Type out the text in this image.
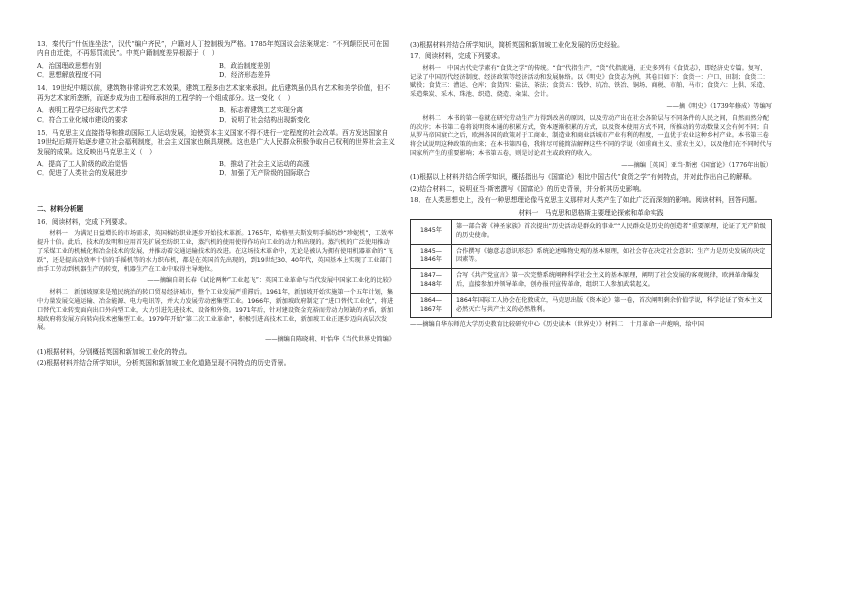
13．秦代行“什伍连坐法”，汉代“编户齐民”，户籍对人丁控制极为严格。1785年英国议会法案规定：“不列颠臣民可在国内自由迁徙，不再惩罚流民”。中英户籍制度差异根源于（　）

A．治国理政思想有别	B．政治制度差别
C．思想解放程度不同	D．经济形态差异

14．19世纪中期以前，建筑物非常讲究艺术效果，建筑工程多由艺术家来承担。此后建筑虽仍具有艺术和美学价值，但不再为艺术家所垄断，而逐步成为由工程师承担的工程学的一个组成部分。这一变化（　）

A．表明工程学已经取代艺术学	B．标志着建筑工艺实现分离
C．符合工业化城市建设的要求	D．说明了社会结构出现新变化

15．马克思主义直接指导和推动国际工人运动发展，迫使资本主义国家不得不进行一定程度的社会改革。西方发达国家自19世纪后期开始逐步建立社会福利制度，社会主义国家也颇具规模。这也是广大人民群众积极争取自己权利的世界社会主义发展的成果。这反映出马克思主义（　）

A．提高了工人阶级的政治觉悟	B．推动了社会主义运动的高涨
C．促进了人类社会的发展进步	D．加强了无产阶级的国际联合
二、材料分析题

16．阅读材料，完成下列要求。

材料一　为满足日益增长的市场需求，英国棉纺织业逐步开始技术革新。1765年，哈格里夫斯发明手摇纺纱“珍妮机”，工效率提升十倍。此后，技术的发明和应用首先扩展至纺织工业，蒸汽机的使用使得作坊向工业的动力和出现的。蒸汽机的广泛使用推动了采煤工业的机械化和冶金技术的发展，并推动着交通运输技术的改进。在这场技术革命中，无论是被认为拥有使用机器革命的“飞跃”，还是提高动效率十倍的手摇机等的水力织布机，都是在英国首先出现的，到19世纪30、40年代，英国基本上实现了工业部门由手工劳动到机器生产的转变，机器生产在工业中取得主导地位。

——摘编自胡长春《试论两种“工业起飞”：英国工业革命与当代发展中国家工业化的比较》

材料二　新加坡原来是殖民统治的转口贸易经济城市，整个工业发展严重滞后。1961年，新加坡开始实施第一个五年计划，集中力量发展交通运输、冶金能源、电力电讯等，并大力发展劳动密集型工业。1966年，新加坡政府制定了“进口替代工业化”，将进口替代工业转变面向出口外向型工业，大力引进先进技术、设备和外资。1971年后，针对建设资金充裕而劳动力短缺的矛盾，新加坡政府将发展方向转向技术密集型工业。1979年开始“第二次工业革命”，积极引进高技术工业，新加坡工业正逐步迈向高层次发展。

——摘编自陈晓莉、叶怡华《当代世界史简编》

(1)根据材料，分别概括英国和新加坡工业化的特点。

(2)根据材料并结合所学知识，分析英国和新加坡工业化道路呈现不同特点的历史背景。

(3)根据材料并结合所学知识，简析英国和新加坡工业化发展的历史经验。

17．阅读材料，完成下列要求。

材料一　中国古代史学素有“食货之学”的传统。“食”代指生产，“货”代指流通，正史多列有《食货志》，即经济史专篇。复写、记录了中国历代经济制度、经济政策等经济活动和发展脉络。以《明史》食货志为例，其卷目如下：食货一：户口、田制；食货二：赋役；食货三：漕运、仓库；食货四：盐法、茶法；食货五：钱钞、坑冶、铁冶、铜场、商税、市舶、马市；食货六：上供、采造、采造柴炭、采木、珠池、织造、烧造、籴粜、会计。

——摘《明史》（1739年修成）等编写

材料二　本书的第一卷就在研究劳动生产力得到改善的原因，以及劳动产出在社会各阶层与不同条件的人民之间，自然而然分配的次序；本书第二卷将说明资本通的积累方式，资本逐渐积累的方式，以及资本使用方式不同，所推动的劳动数量又会有何不同；自从罗马帝国衰亡之后，欧洲各国的政策对于工商业、制造业和商业活城市产业有利的程度，一直优于农业这种乡村产业。本书第三卷将会试说明这种政策的由来；在本书第四卷，我将尽可能简洁解释这些不同的学说（如重商主义、重农主义），以及他们在不同时代与国家所产生的重要影响；本书第五卷，则是讨论君主或政府的收入。

——摘编［英国］亚当·斯密《国富论》（1776年出版）

(1)根据以上材料并结合所学知识，概括指出与《国富论》相比中国古代“食货之学”有何特点，并对此作出自己的解释。

(2)结合材料二，说明亚当·斯密撰写《国富论》的历史背景，并分析其历史影响。

18．在人类思想史上，没有一种思想理论像马克思主义那样对人类产生了如此广泛而深刻的影响。阅读材料，回答问题。

材料一　马克思和恩格斯主要理论探索和革命实践
1845年	第一部合著《神圣家族》首次提出“历史活动是群众的事业”“人民群众是历史的创造者”重要原理，论证了无产阶级的历史使命。
1845—1846年	合作撰写《德意志意识形态》系统论述唯物史观的基本原理，如社会存在决定社会意识；生产力是历史发展的决定因素等。
1847—1848年	合写《共产党宣言》第一次完整系统阐释科学社会主义的基本原理，阐明了社会发展的客观规律，欧洲革命爆发后，直接参加并领导革命，创办报刊宣传革命，组织工人参加武装起义。
1864—1867年	1864年国际工人协会在伦敦成立，马克思出版《资本论》第一卷，首次阐明剩余价值学说，科学论证了资本主义必然灭亡与共产主义的必然胜利。

——摘编自华东师范大学历史教育比较研究中心《历史读本（世界史）》材料二　十月革命一声炮响，给中国
